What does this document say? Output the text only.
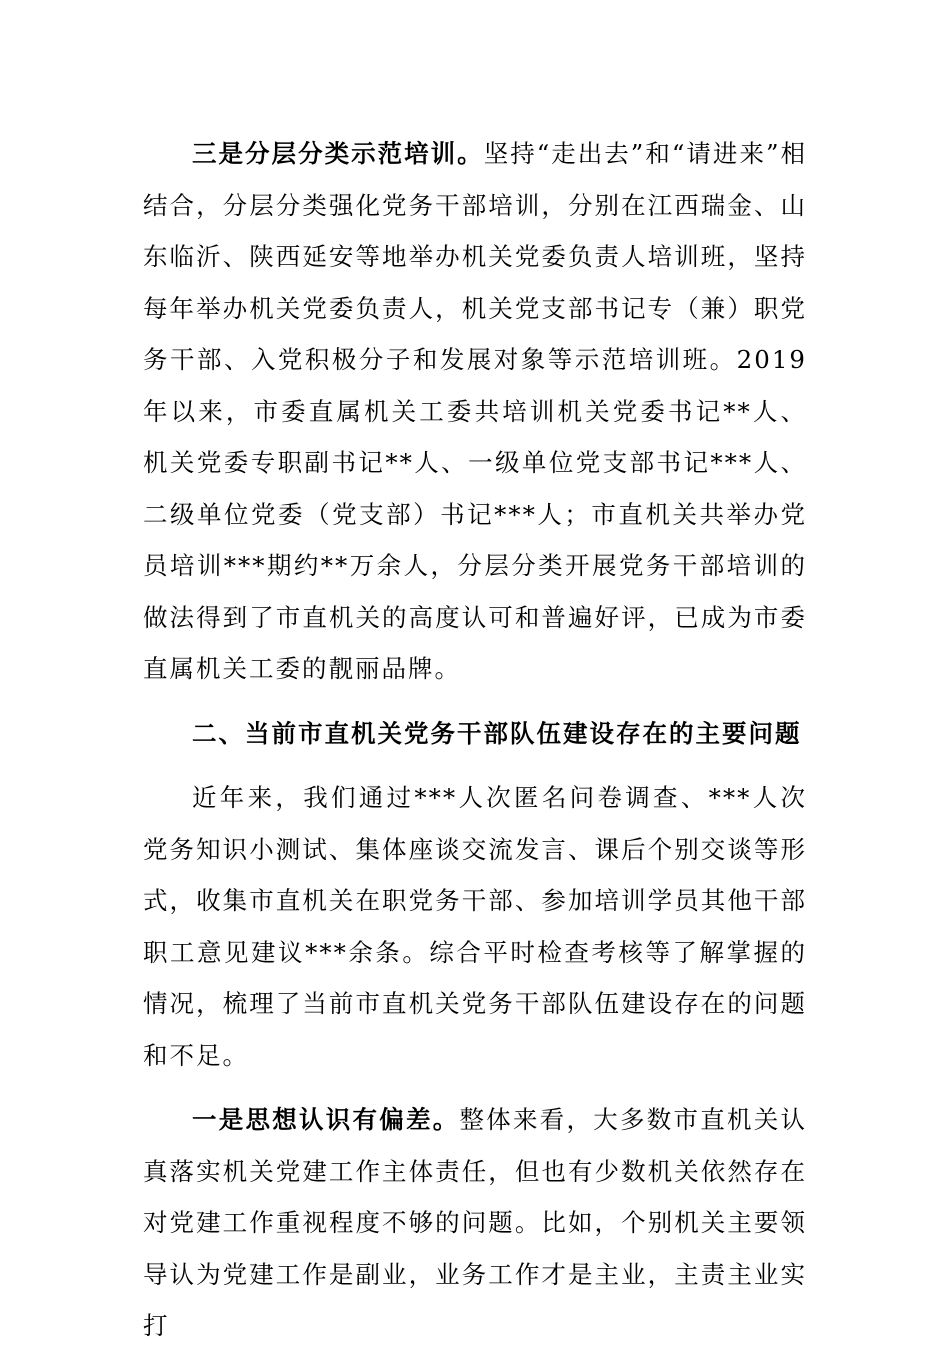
三是分层分类示范培训。坚持“走出去”和“请进来”相结合，分层分类强化党务干部培训，分别在江西瑞金、山东临沂、陕西延安等地举办机关党委负责人培训班，坚持每年举办机关党委负责人，机关党支部书记专（兼）职党务干部、入党积极分子和发展对象等示范培训班。2019年以来，市委直属机关工委共培训机关党委书记**人、机关党委专职副书记**人、一级单位党支部书记***人、二级单位党委（党支部）书记***人；市直机关共举办党员培训***期约**万余人，分层分类开展党务干部培训的做法得到了市直机关的高度认可和普遍好评，已成为市委直属机关工委的靓丽品牌。

二、当前市直机关党务干部队伍建设存在的主要问题

近年来，我们通过***人次匿名问卷调查、***人次党务知识小测试、集体座谈交流发言、课后个别交谈等形式，收集市直机关在职党务干部、参加培训学员其他干部职工意见建议***余条。综合平时检查考核等了解掌握的情况，梳理了当前市直机关党务干部队伍建设存在的问题和不足。

一是思想认识有偏差。整体来看，大多数市直机关认真落实机关党建工作主体责任，但也有少数机关依然存在对党建工作重视程度不够的问题。比如，个别机关主要领导认为党建工作是副业，业务工作才是主业，主责主业实打
